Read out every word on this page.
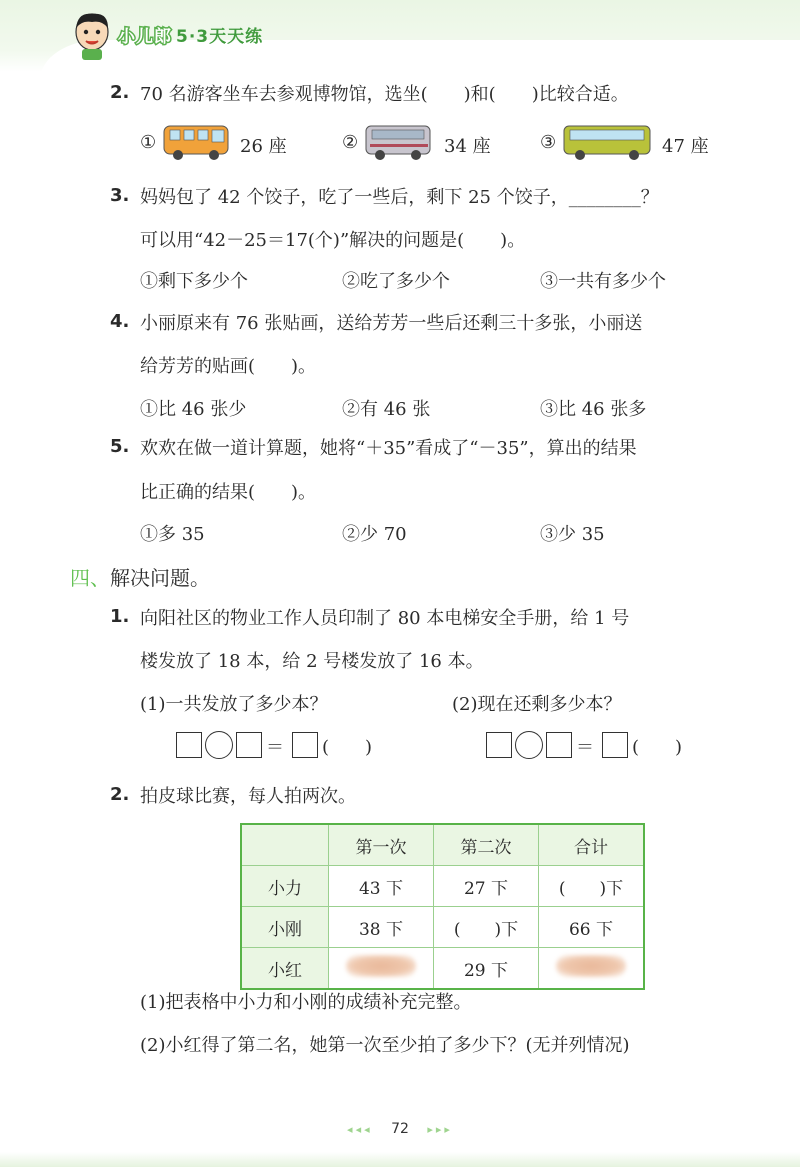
小儿郎 5·3天天练
2. 70 名游客坐车去参观博物馆，选坐(　　)和(　　)比较合适。
①	26 座	②	34 座	③	47 座
3. 妈妈包了 42 个饺子，吃了一些后，剩下 25 个饺子，________？
可以用“42－25＝17(个)”解决的问题是(　　)。
①剩下多少个	②吃了多少个	③一共有多少个
4. 小丽原来有 76 张贴画，送给芳芳一些后还剩三十多张，小丽送
给芳芳的贴画(　　)。
①比 46 张少	②有 46 张	③比 46 张多
5. 欢欢在做一道计算题，她将“＋35”看成了“－35”，算出的结果
比正确的结果(　　)。
①多 35	②少 70	③少 35
四、解决问题。
1. 向阳社区的物业工作人员印制了 80 本电梯安全手册，给 1 号
楼发放了 18 本，给 2 号楼发放了 16 本。
(1)一共发放了多少本？	(2)现在还剩多少本？
＝ (　　)	＝ (　　)
2. 拍皮球比赛，每人拍两次。
	第一次	第二次	合计
小力	43 下	27 下	(　　)下
小刚	38 下	(　　)下	66 下
小红		29 下	
(1)把表格中小力和小刚的成绩补充完整。
(2)小红得了第二名，她第一次至少拍了多少下？(无并列情况)
◂◂◂ 72 ▸▸▸
